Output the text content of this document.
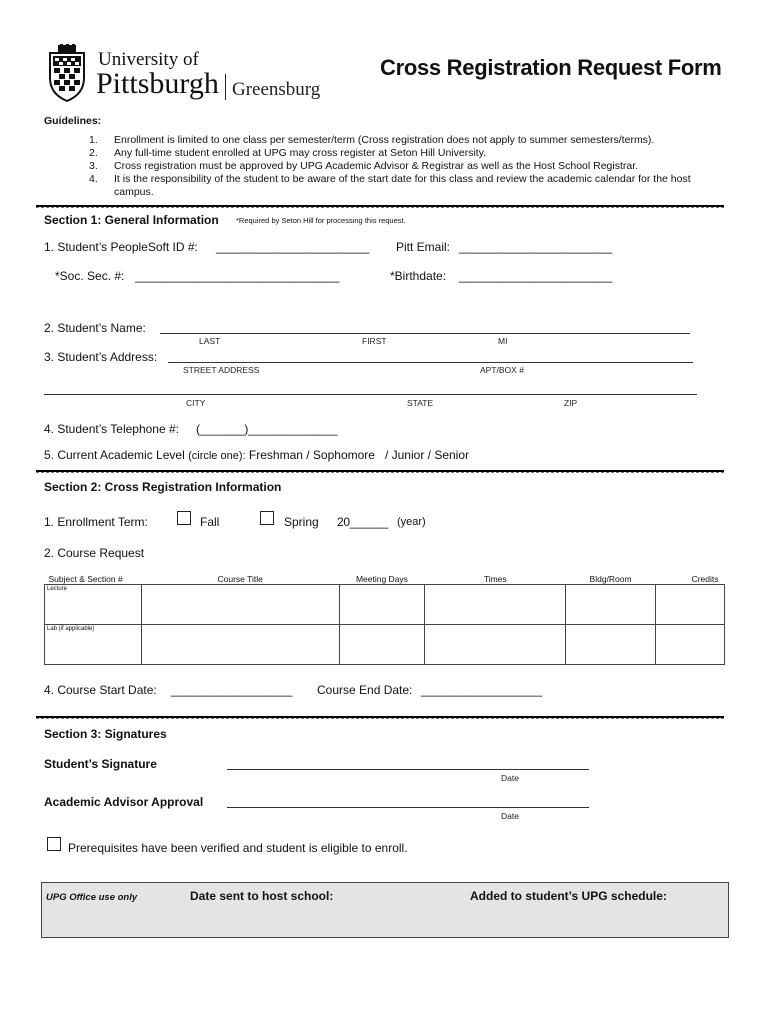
University of
Pittsburgh Greensburg
Cross Registration Request Form
Guidelines:
1. Enrollment is limited to one class per semester/term (Cross registration does not apply to summer semesters/terms).
2. Any full-time student enrolled at UPG may cross register at Seton Hill University.
3. Cross registration must be approved by UPG Academic Advisor & Registrar as well as the Host School Registrar.
4. It is the responsibility of the student to be aware of the start date for this class and review the academic calendar for the host campus.
Section 1: General Information *Required by Seton Hill for processing this request.
1. Student’s PeopleSoft ID #: ________________________ Pitt Email: ________________________
*Soc. Sec. #: ________________________________	*Birthdate: ________________________
2. Student’s Name:
LAST	FIRST	MI
3. Student’s Address:
STREET ADDRESS	APT/BOX #
CITY	STATE	ZIP
4. Student’s Telephone #: (_______)______________
5. Current Academic Level (circle one): Freshman / Sophomore   / Junior / Senior
Section 2: Cross Registration Information
1. Enrollment Term:	Fall	Spring 20______ (year)
2. Course Request
Subject & Section #	Course Title	Meeting Days	Times	Bldg/Room	Credits

Lecture					

Lab (if applicable)					

4. Course Start Date: ___________________ Course End Date: ___________________
Section 3: Signatures
Student’s Signature
Date
Academic Advisor Approval
Date
Prerequisites have been verified and student is eligible to enroll.
UPG Office use only	Date sent to host school:	Added to student’s UPG schedule:
